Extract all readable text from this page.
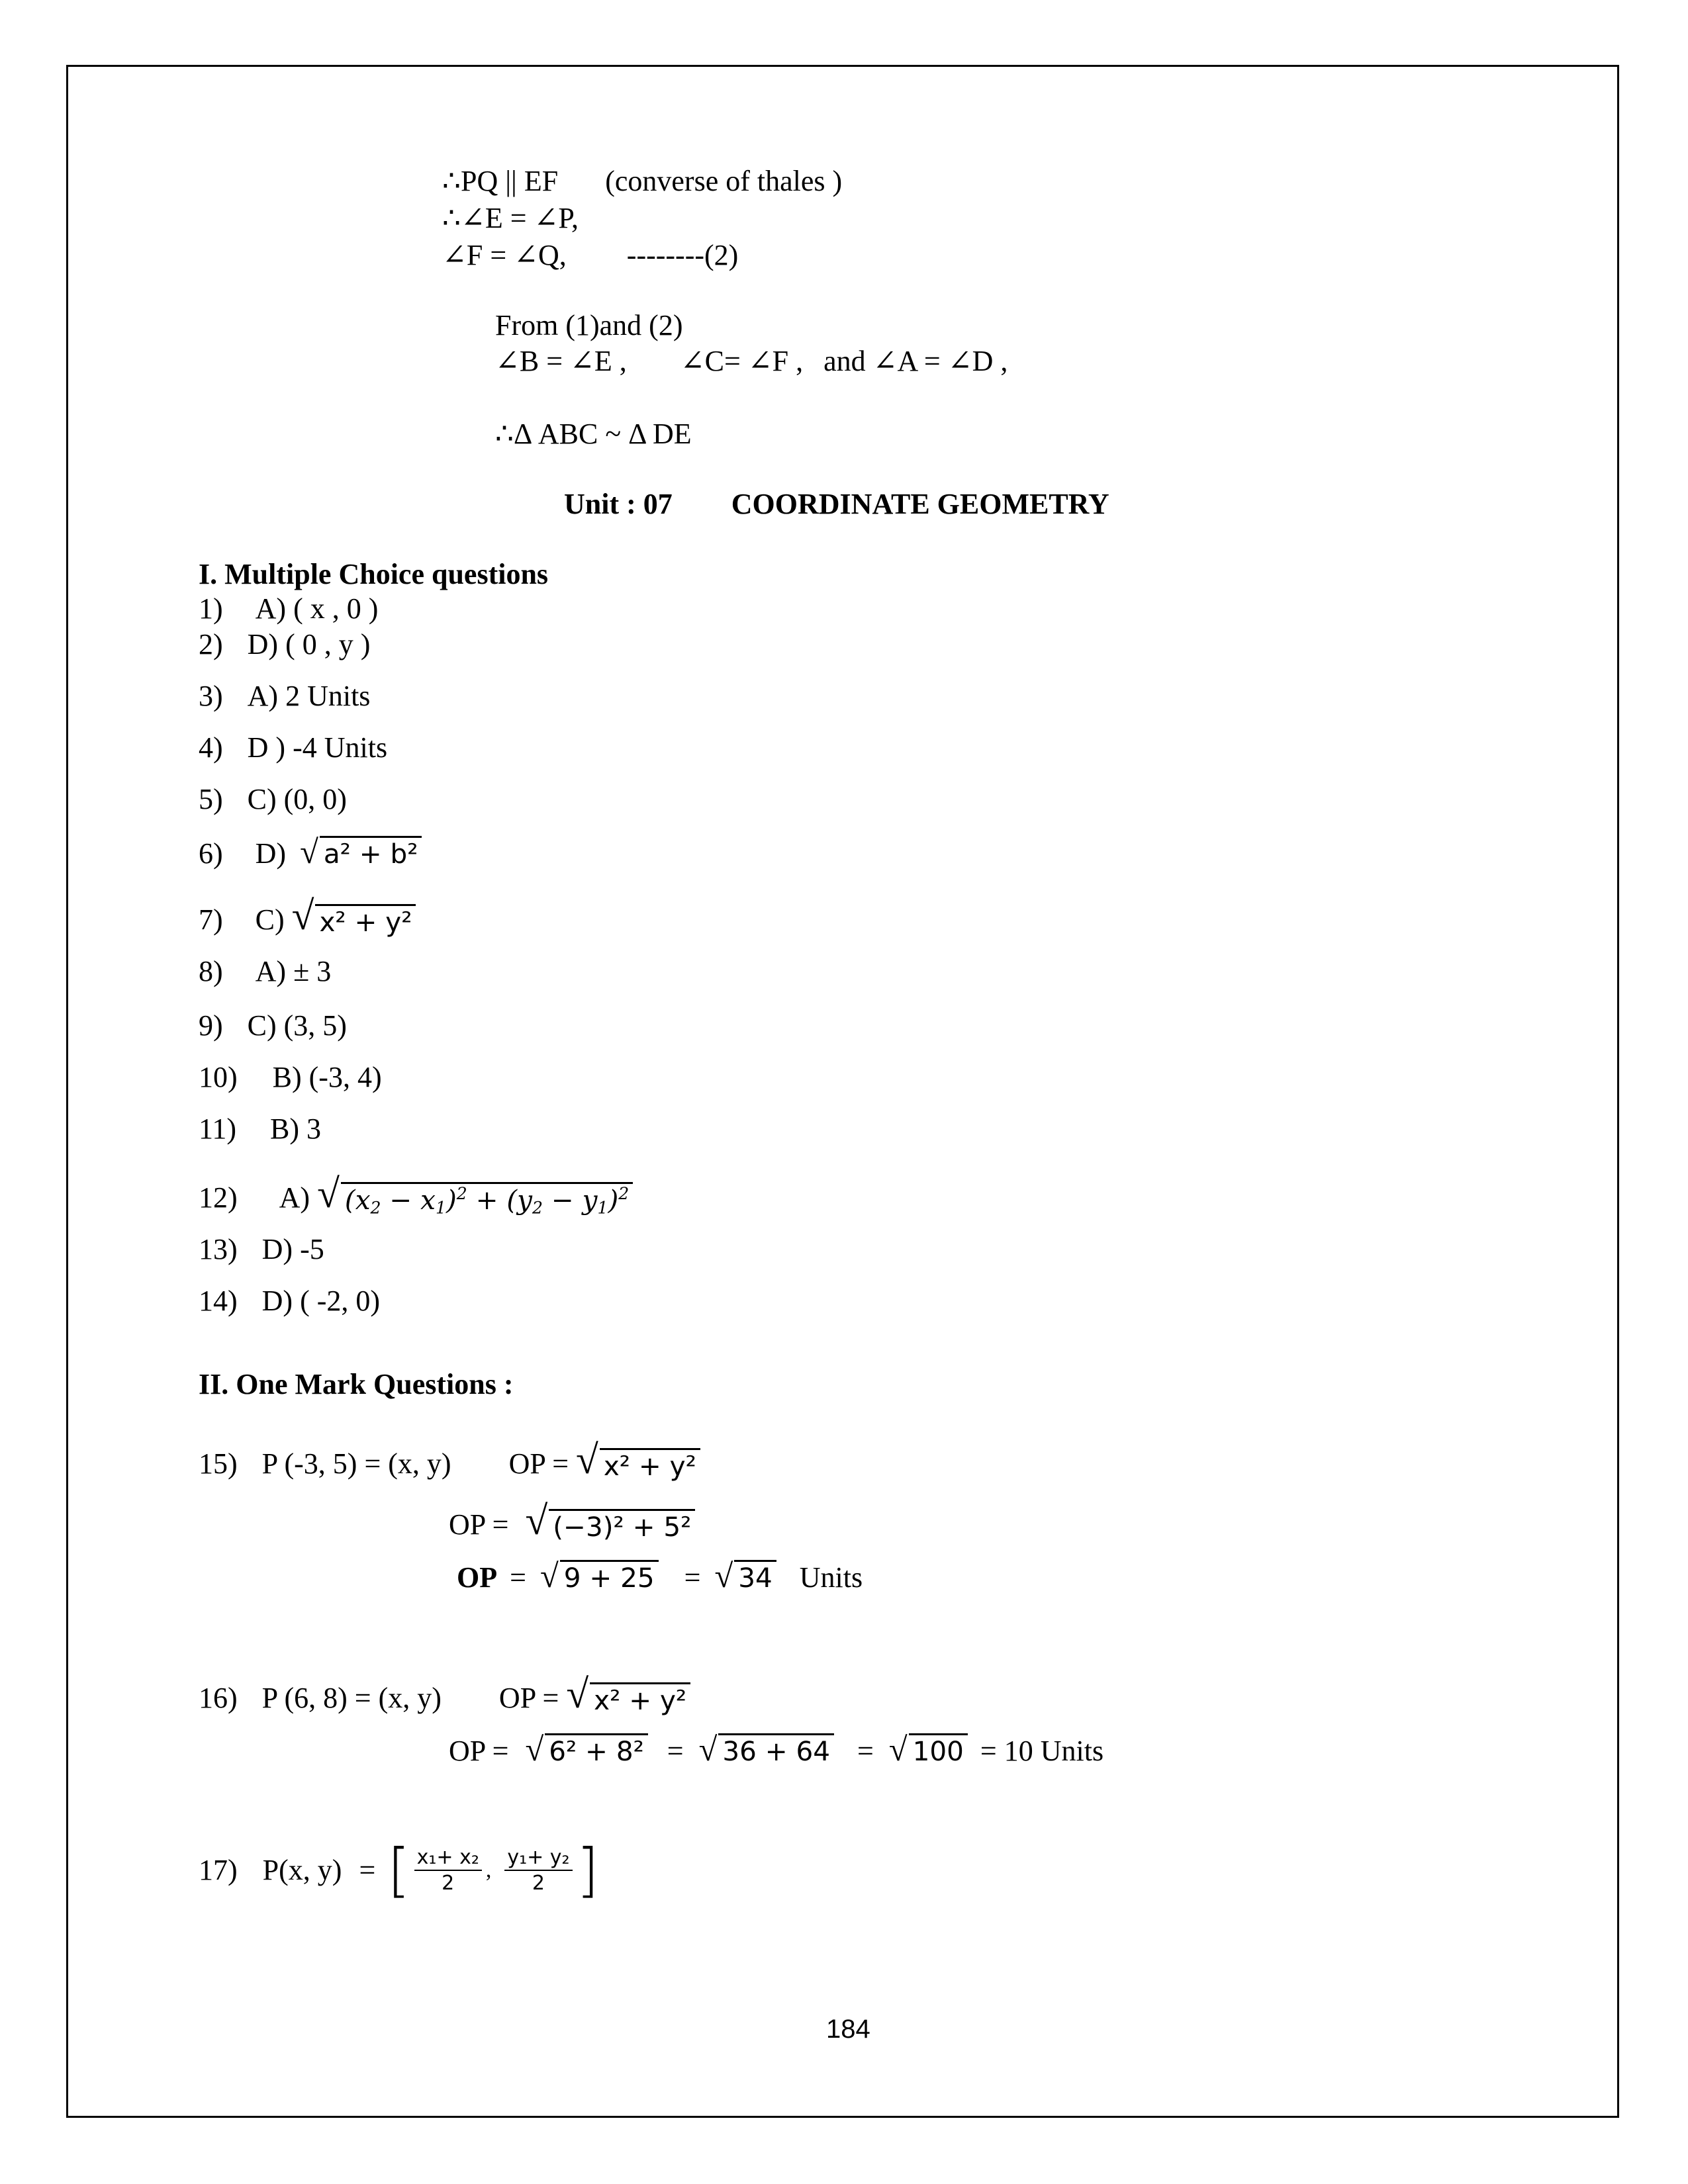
∴PQ || EF (converse of thales )
∴∠E = ∠P,
∠F = ∠Q, --------(2)
From (1)and (2)
∠B = ∠E , ∠C= ∠F , and ∠A = ∠D ,
∴Δ ABC ~ Δ DE
Unit : 07 COORDINATE GEOMETRY
I. Multiple Choice questions
1) A) ( x , 0 )
2) D) ( 0 , y )
3) A) 2 Units
4) D ) -4 Units
5) C) (0, 0)
6) D) √ a² + b²
7) C) √ x² + y²
8) A) ± 3
9) C) (3, 5)
10) B) (-3, 4)
11) B) 3
12) A) √ $(x_2 - x_1)^2 + (y_2 - y_1)^2$
13) D) -5
14) D) ( -2, 0)
II. One Mark Questions :
15) P (-3, 5) = (x, y) OP = √ x² + y²
OP = √ (−3)² + 5²
OP = √ 9 + 25 = √ 34 Units
16) P (6, 8) = (x, y) OP = √ x² + y²
OP = √ 6² + 8² = √ 36 + 64 = √ 100 = 10 Units
17) P(x, y) = [ $\frac{\text{x₁+ x₂}}{2}$ , $\frac{\text{y₁+ y₂}}{2}$ ]
184
